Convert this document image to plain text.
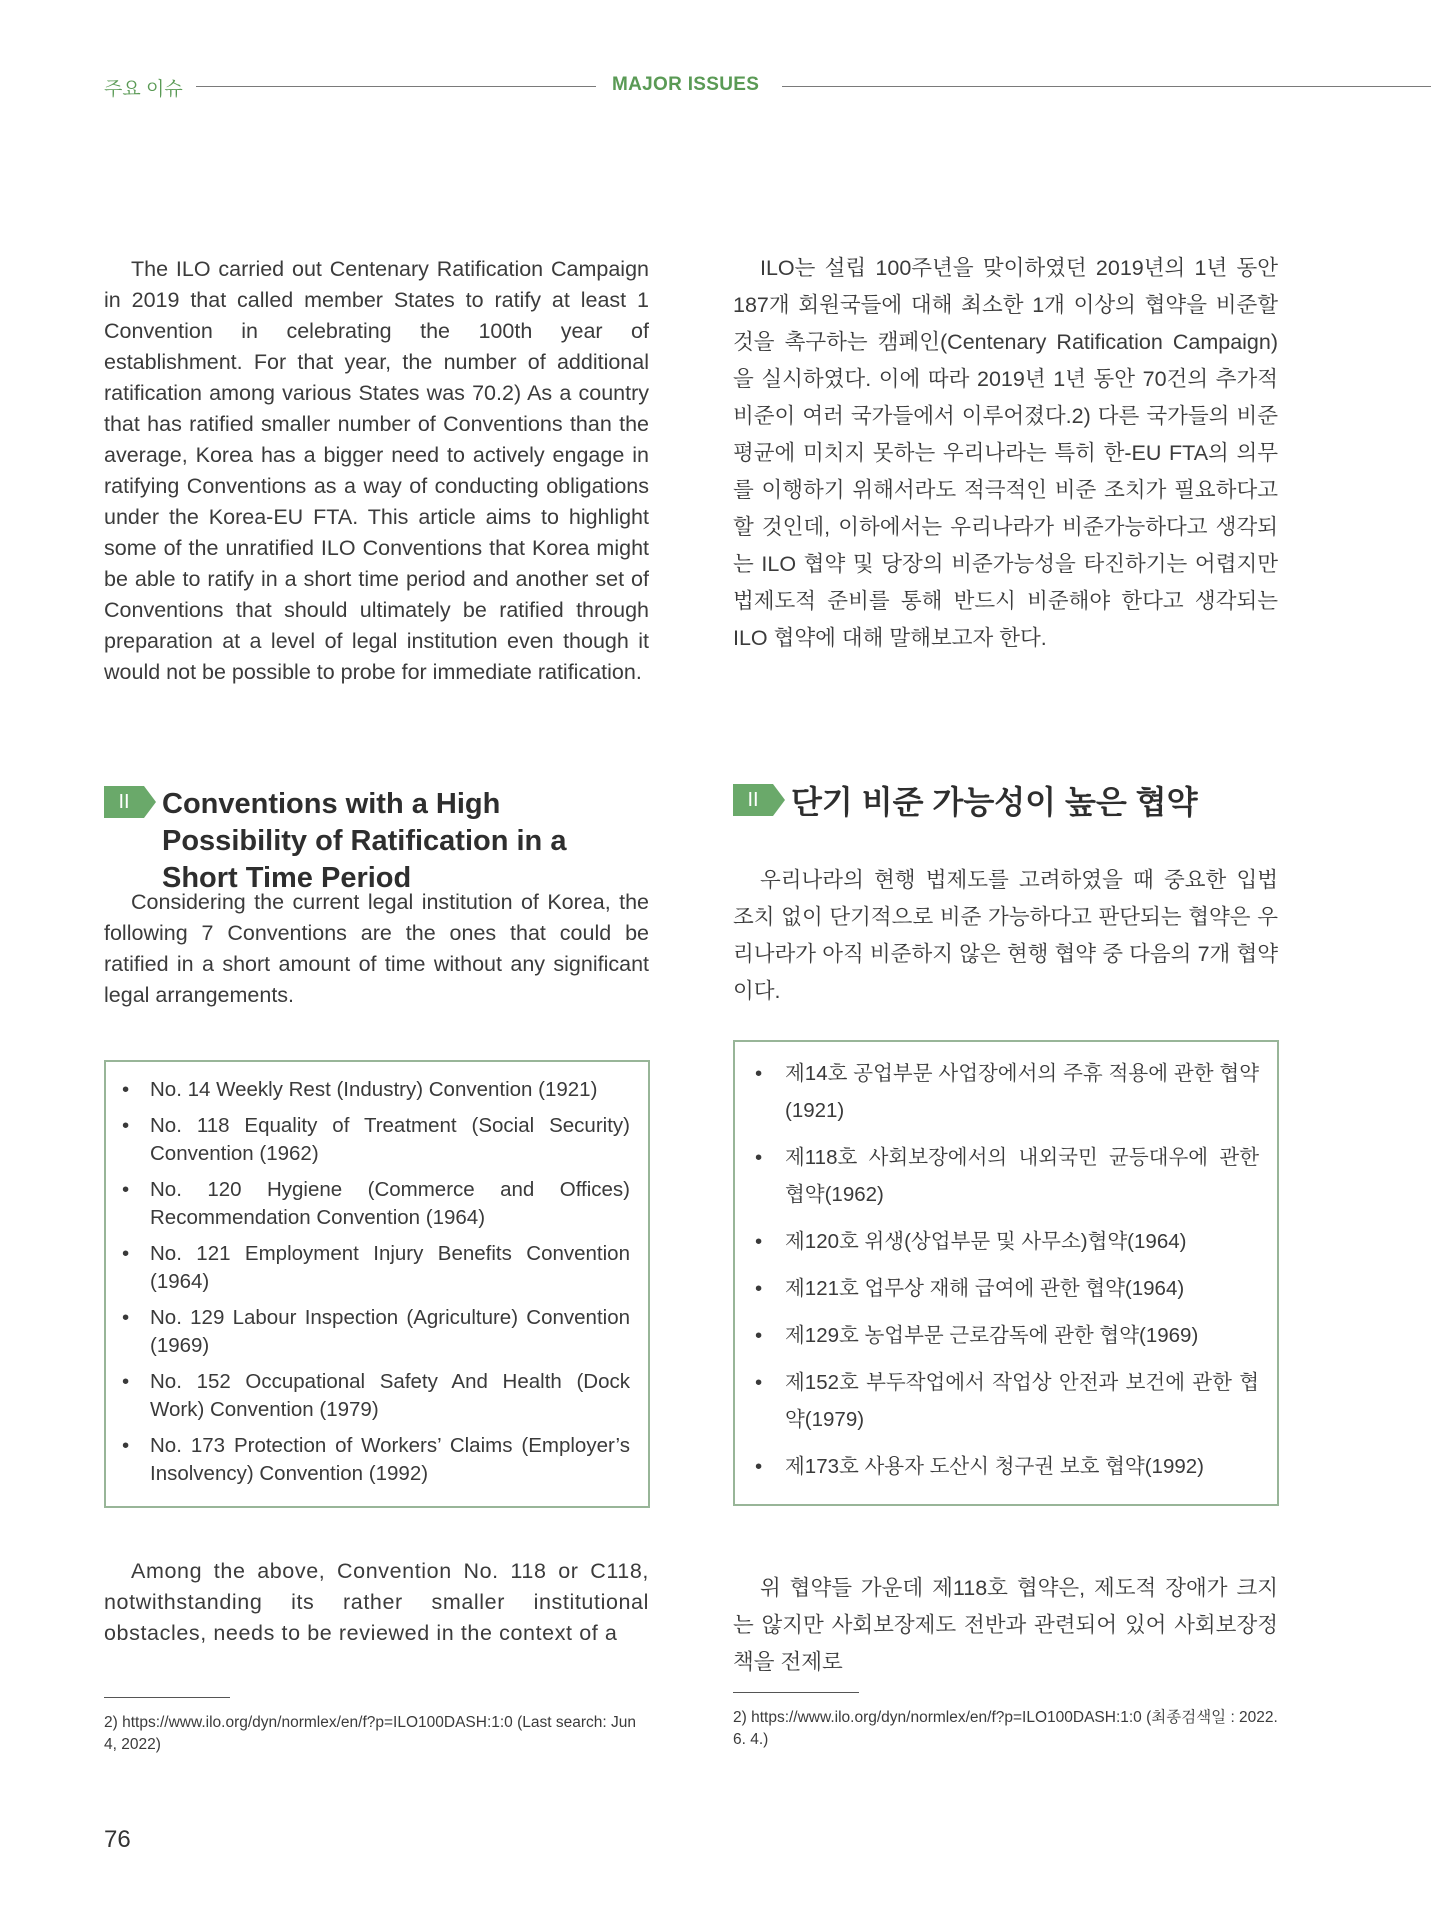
주요 이슈	MAJOR ISSUES

The ILO carried out Centenary Ratification Campaign in 2019 that called member States to ratify at least 1 Convention in celebrating the 100th year of establishment. For that year, the number of additional ratification among various States was 70.2) As a country that has ratified smaller number of Conventions than the average, Korea has a bigger need to actively engage in ratifying Conventions as a way of conducting obligations under the Korea-EU FTA. This article aims to highlight some of the unratified ILO Conventions that Korea might be able to ratify in a short time period and another set of Conventions that should ultimately be ratified through preparation at a level of legal institution even though it would not be possible to probe for immediate ratification.

ILO는 설립 100주년을 맞이하였던 2019년의 1년 동안 187개 회원국들에 대해 최소한 1개 이상의 협약을 비준할 것을 촉구하는 캠페인(Centenary Ratification Campaign)을 실시하였다. 이에 따라 2019년 1년 동안 70건의 추가적 비준이 여러 국가들에서 이루어졌다.2) 다른 국가들의 비준 평균에 미치지 못하는 우리나라는 특히 한-EU FTA의 의무를 이행하기 위해서라도 적극적인 비준 조치가 필요하다고 할 것인데, 이하에서는 우리나라가 비준가능하다고 생각되는 ILO 협약 및 당장의 비준가능성을 타진하기는 어렵지만 법제도적 준비를 통해 반드시 비준해야 한다고 생각되는 ILO 협약에 대해 말해보고자 한다.

II	Conventions with a High Possibility of Ratification in a Short Time Period
II	단기 비준 가능성이 높은 협약

Considering the current legal institution of Korea, the following 7 Conventions are the ones that could be ratified in a short amount of time without any significant legal arrangements.

우리나라의 현행 법제도를 고려하였을 때 중요한 입법 조치 없이 단기적으로 비준 가능하다고 판단되는 협약은 우리나라가 아직 비준하지 않은 현행 협약 중 다음의 7개 협약이다.

• No. 14 Weekly Rest (Industry) Convention (1921)
• No. 118 Equality of Treatment (Social Security) Convention (1962)
• No. 120 Hygiene (Commerce and Offices) Recommendation Convention (1964)
• No. 121 Employment Injury Benefits Convention (1964)
• No. 129 Labour Inspection (Agriculture) Convention (1969)
• No. 152 Occupational Safety And Health (Dock Work) Convention (1979)
• No. 173 Protection of Workers’ Claims (Employer’s Insolvency) Convention (1992)
• 제14호 공업부문 사업장에서의 주휴 적용에 관한 협약(1921)
• 제118호 사회보장에서의 내외국민 균등대우에 관한 협약(1962)
• 제120호 위생(상업부문 및 사무소)협약(1964)
• 제121호 업무상 재해 급여에 관한 협약(1964)
• 제129호 농업부문 근로감독에 관한 협약(1969)
• 제152호 부두작업에서 작업상 안전과 보건에 관한 협약(1979)
• 제173호 사용자 도산시 청구권 보호 협약(1992)

Among the above, Convention No. 118 or C118, notwithstanding its rather smaller institutional obstacles, needs to be reviewed in the context of a

위 협약들 가운데 제118호 협약은, 제도적 장애가 크지는 않지만 사회보장제도 전반과 관련되어 있어 사회보장정책을 전제로

2) https://www.ilo.org/dyn/normlex/en/f?p=ILO100DASH:1:0 (Last search: Jun 4, 2022)

2) https://www.ilo.org/dyn/normlex/en/f?p=ILO100DASH:1:0 (최종검색일 : 2022. 6. 4.)

76
